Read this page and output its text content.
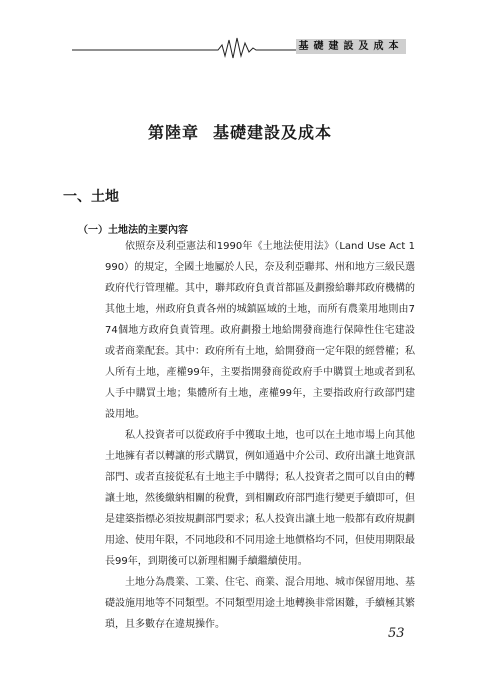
基礎建設及成本
第陸章 基礎建設及成本
一、土地
（一）土地法的主要內容

依照奈及利亞憲法和1990年《土地法使用法》（Land Use Act 1990）的規定，全國土地屬於人民，奈及利亞聯邦、州和地方三級民選政府代行管理權。其中，聯邦政府負責首都區及劃撥給聯邦政府機構的其他土地，州政府負責各州的城鎮區域的土地，而所有農業用地則由774個地方政府負責管理。政府劃撥土地給開發商進行保障性住宅建設或者商業配套。其中：政府所有土地，給開發商一定年限的經營權；私人所有土地，產權99年，主要指開發商從政府手中購買土地或者到私人手中購買土地；集體所有土地，產權99年，主要指政府行政部門建設用地。

私人投資者可以從政府手中獲取土地，也可以在土地市場上向其他土地擁有者以轉讓的形式購買，例如通過中介公司、政府出讓土地資訊部門、或者直接從私有土地主手中購得；私人投資者之間可以自由的轉讓土地，然後繳納相關的稅費，到相關政府部門進行變更手續即可，但是建築指標必須按規劃部門要求；私人投資出讓土地一般都有政府規劃用途、使用年限，不同地段和不同用途土地價格均不同，但使用期限最長99年，到期後可以新理相關手續繼續使用。

土地分為農業、工業、住宅、商業、混合用地、城市保留用地、基礎設施用地等不同類型。不同類型用途土地轉換非常困難，手續極其繁瑣，且多數存在違規操作。

53
